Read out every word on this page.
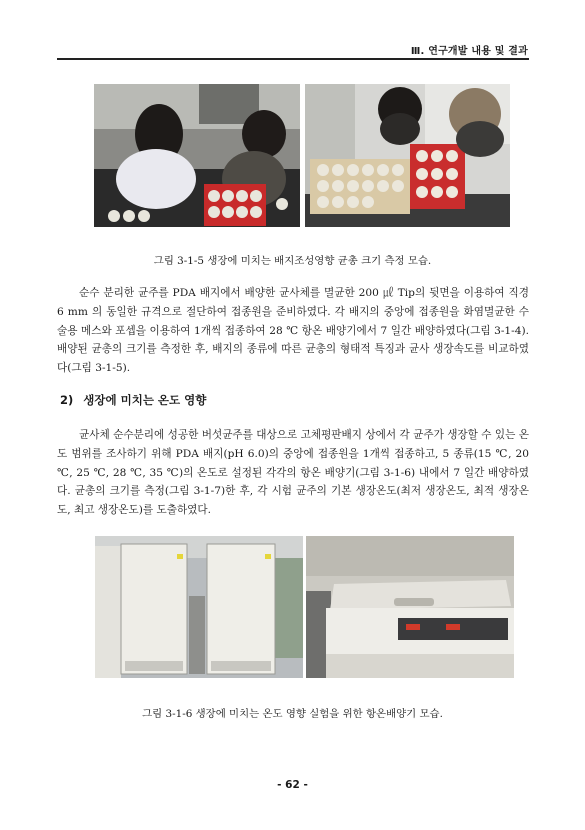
Ⅲ. 연구개발 내용 및 결과
그림 3-1-5 생장에 미치는 배지조성영향 균총 크기 측정 모습.

순수 분리한 균주를 PDA 배지에서 배양한 균사체를 멸균한 200 ㎕ Tip의 뒷면을 이용하여 직경 6 mm 의 동일한 규격으로 절단하여 접종원을 준비하였다. 각 배지의 중앙에 접종원을 화염멸균한 수술용 메스와 포셉을 이용하여 1개씩 접종하여 28 ℃ 항온 배양기에서 7 일간 배양하였다(그림 3-1-4). 배양된 균총의 크기를 측정한 후, 배지의 종류에 따른 균총의 형태적 특징과 균사 생장속도를 비교하였다(그림 3-1-5).

2) 생장에 미치는 온도 영향

균사체 순수분리에 성공한 버섯균주를 대상으로 고체평판배지 상에서 각 균주가 생장할 수 있는 온도 범위를 조사하기 위해 PDA 배지(pH 6.0)의 중앙에 접종원을 1개씩 접종하고, 5 종류(15 ℃, 20 ℃, 25 ℃, 28 ℃, 35 ℃)의 온도로 설정된 각각의 항온 배양기(그림 3-1-6) 내에서 7 일간 배양하였다. 균총의 크기를 측정(그림 3-1-7)한 후, 각 시험 균주의 기본 생장온도(최저 생장온도, 최적 생장온도, 최고 생장온도)를 도출하였다.

그림 3-1-6 생장에 미치는 온도 영향 실험을 위한 항온배양기 모습.
- 62 -
